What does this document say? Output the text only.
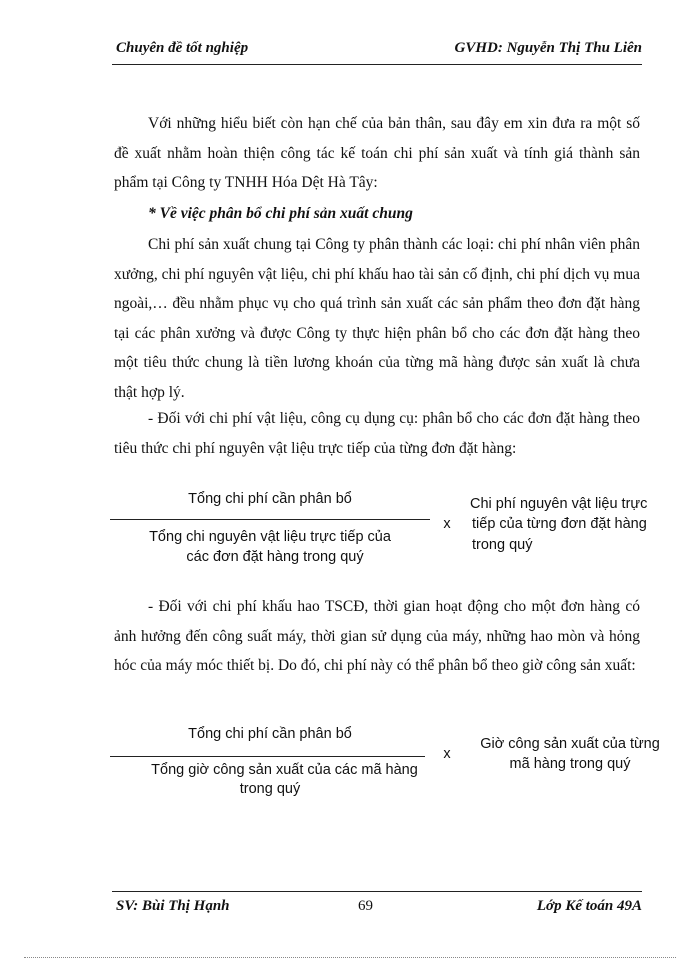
Chuyên đề tốt nghiệp	GVHD: Nguyễn Thị Thu Liên
Với những hiểu biết còn hạn chế của bản thân, sau đây em xin đưa ra một số đề xuất nhằm hoàn thiện công tác kế toán chi phí sản xuất và tính giá thành sản phẩm tại Công ty TNHH Hóa Dệt Hà Tây:
* Về việc phân bổ chi phí sản xuất chung
Chi phí sản xuất chung tại Công ty phân thành các loại: chi phí nhân viên phân xưởng, chi phí nguyên vật liệu, chi phí khấu hao tài sản cố định, chi phí dịch vụ mua ngoài,… đều nhằm phục vụ cho quá trình sản xuất các sản phẩm theo đơn đặt hàng tại các phân xưởng và được Công ty thực hiện phân bổ cho các đơn đặt hàng theo một tiêu thức chung là tiền lương khoán của từng mã hàng được sản xuất là chưa thật hợp lý.
- Đối với chi phí vật liệu, công cụ dụng cụ: phân bổ cho các đơn đặt hàng theo tiêu thức chi phí nguyên vật liệu trực tiếp của từng đơn đặt hàng:
Tổng chi phí cần phân bổ
Tổng chi nguyên vật liệu trực tiếp của
các đơn đặt hàng trong quý
x
Chi phí nguyên vật liệu trực
tiếp của từng đơn đặt hàng
trong quý
- Đối với chi phí khấu hao TSCĐ, thời gian hoạt động cho một đơn hàng có ảnh hưởng đến công suất máy, thời gian sử dụng của máy, những hao mòn và hỏng hóc của máy móc thiết bị. Do đó, chi phí này có thể phân bổ theo giờ công sản xuất:
Tổng chi phí cần phân bổ
Tổng giờ công sản xuất của các mã hàng
trong quý
x
Giờ công sản xuất của từng
mã hàng trong quý
SV: Bùi Thị Hạnh	69	Lớp Kế toán 49A
